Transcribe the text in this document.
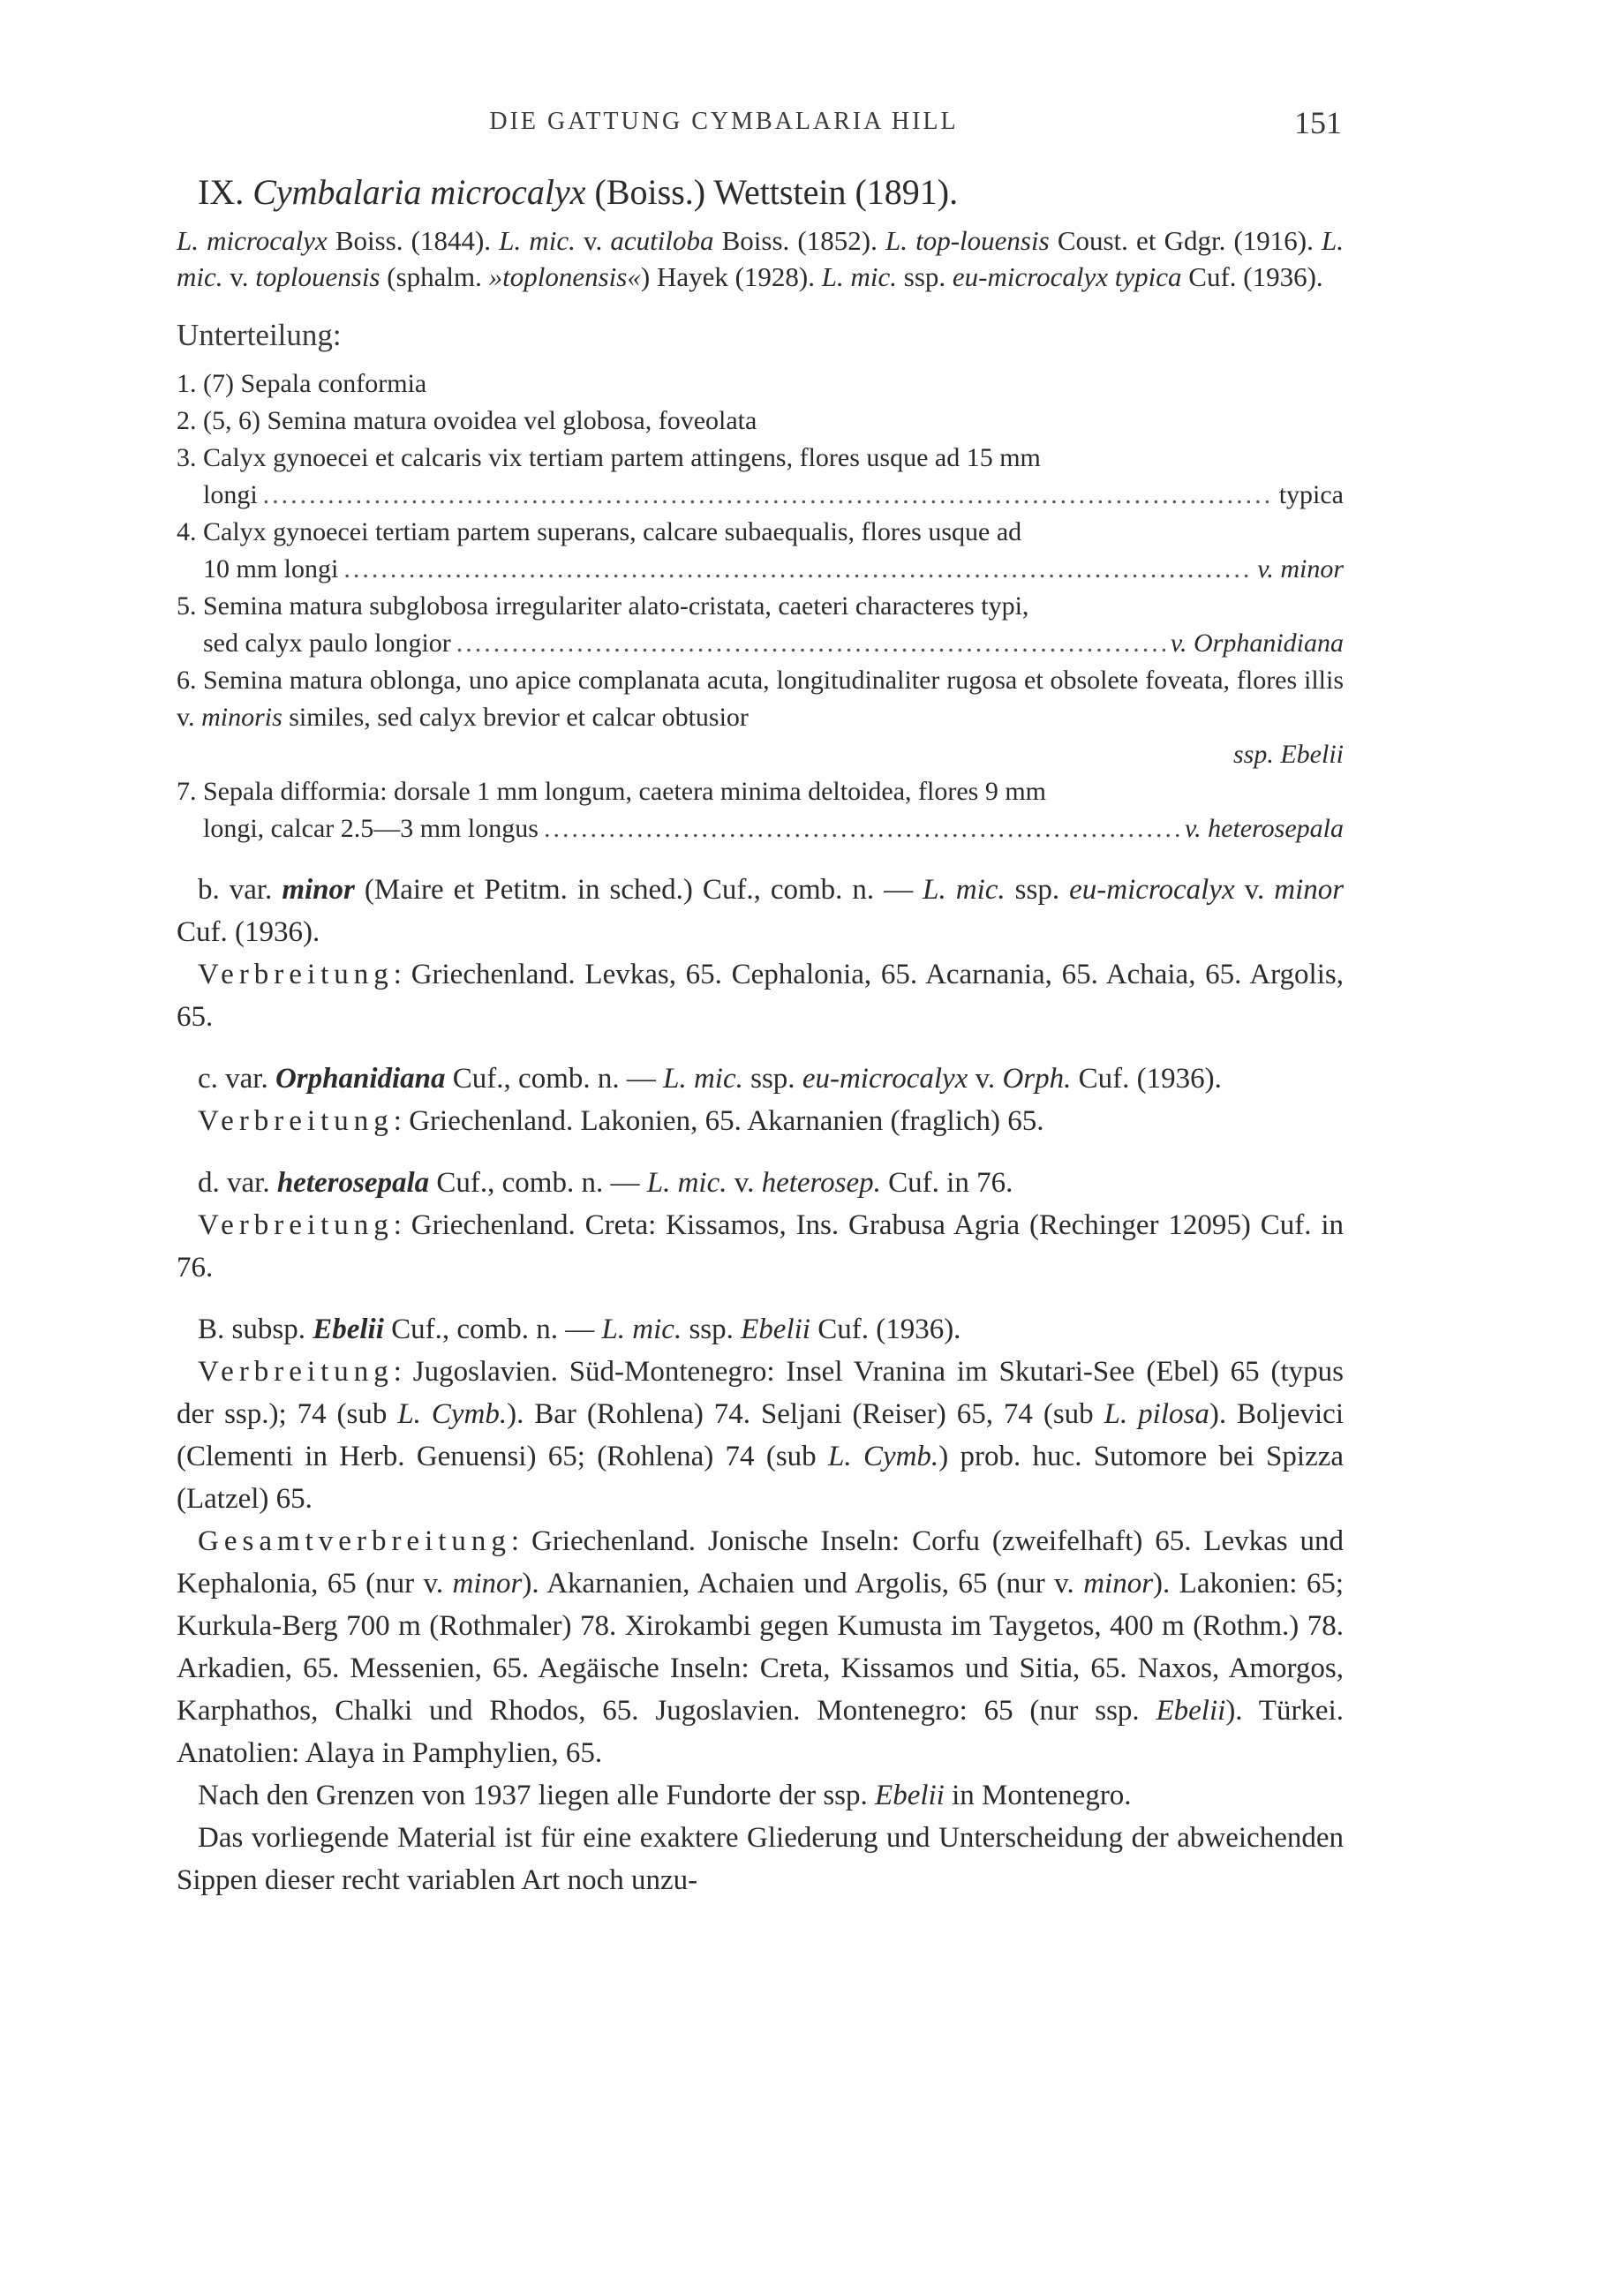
DIE GATTUNG CYMBALARIA HILL	151
IX. Cymbalaria microcalyx (Boiss.) Wettstein (1891).

L. microcalyx Boiss. (1844). L. mic. v. acutiloba Boiss. (1852). L. top-louensis Coust. et Gdgr. (1916). L. mic. v. toplouensis (sphalm. »toplonensis«) Hayek (1928). L. mic. ssp. eu-microcalyx typica Cuf. (1936).

Unterteilung:
1. (7) Sepala conformia
2. (5, 6) Semina matura ovoidea vel globosa, foveolata
3. Calyx gynoecei et calcaris vix tertiam partem attingens, flores usque ad 15 mm
longi .....	typica
4. Calyx gynoecei tertiam partem superans, calcare subaequalis, flores usque ad
10 mm longi .....	v. minor
5. Semina matura subglobosa irregulariter alato-cristata, caeteri characteres typi,
sed calyx paulo longior .....	v. Orphanidiana
6. Semina matura oblonga, uno apice complanata acuta, longitudinaliter rugosa et obsolete foveata, flores illis v. minoris similes, sed calyx brevior et calcar obtusior
ssp. Ebelii
7. Sepala difformia: dorsale 1 mm longum, caetera minima deltoidea, flores 9 mm
longi, calcar 2.5—3 mm longus .....	v. heterosepala

b. var. minor (Maire et Petitm. in sched.) Cuf., comb. n. — L. mic. ssp. eu-microcalyx v. minor Cuf. (1936).

Verbreitung: Griechenland. Levkas, 65. Cephalonia, 65. Acarnania, 65. Achaia, 65. Argolis, 65.

c. var. Orphanidiana Cuf., comb. n. — L. mic. ssp. eu-microcalyx v. Orph. Cuf. (1936).

Verbreitung: Griechenland. Lakonien, 65. Akarnanien (fraglich) 65.

d. var. heterosepala Cuf., comb. n. — L. mic. v. heterosep. Cuf. in 76.

Verbreitung: Griechenland. Creta: Kissamos, Ins. Grabusa Agria (Rechinger 12095) Cuf. in 76.

B. subsp. Ebelii Cuf., comb. n. — L. mic. ssp. Ebelii Cuf. (1936).

Verbreitung: Jugoslavien. Süd-Montenegro: Insel Vranina im Skutari-See (Ebel) 65 (typus der ssp.); 74 (sub L. Cymb.). Bar (Rohlena) 74. Seljani (Reiser) 65, 74 (sub L. pilosa). Boljevici (Clementi in Herb. Genuensi) 65; (Rohlena) 74 (sub L. Cymb.) prob. huc. Sutomore bei Spizza (Latzel) 65.

Gesamtverbreitung: Griechenland. Jonische Inseln: Corfu (zweifelhaft) 65. Levkas und Kephalonia, 65 (nur v. minor). Akarnanien, Achaien und Argolis, 65 (nur v. minor). Lakonien: 65; Kurkula-Berg 700 m (Rothmaler) 78. Xirokambi gegen Kumusta im Taygetos, 400 m (Rothm.) 78. Arkadien, 65. Messenien, 65. Aegäische Inseln: Creta, Kissamos und Sitia, 65. Naxos, Amorgos, Karphathos, Chalki und Rhodos, 65. Jugoslavien. Montenegro: 65 (nur ssp. Ebelii). Türkei. Anatolien: Alaya in Pamphylien, 65.

Nach den Grenzen von 1937 liegen alle Fundorte der ssp. Ebelii in Montenegro.

Das vorliegende Material ist für eine exaktere Gliederung und Unterscheidung der abweichenden Sippen dieser recht variablen Art noch unzu-
